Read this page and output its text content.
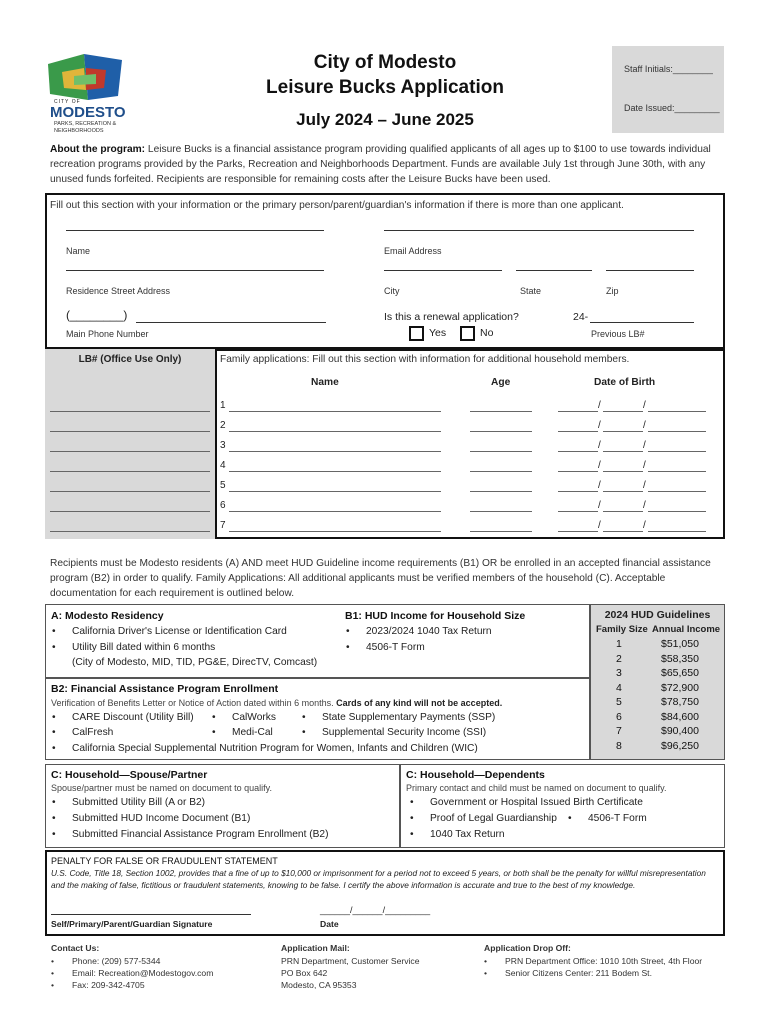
CITY OF
MODESTO
PARKS, RECREATION &
NEIGHBORHOODS
City of Modesto
Leisure Bucks Application
July 2024 – June 2025
Staff Initials:________
Date Issued:_________
About the program: Leisure Bucks is a financial assistance program providing qualified applicants of all ages up to $100 to use towards individual recreation programs provided by the Parks, Recreation and Neighborhoods Department. Funds are available July 1st through June 30th, with any unused funds forfeited. Recipients are responsible for remaining costs after the Leisure Bucks have been used.
Fill out this section with your information or the primary person/parent/guardian's information if there is more than one applicant.
Name	Email Address
Residence Street Address	City	State	Zip
(________)
Main Phone Number
Is this a renewal application?
Yes	No
24-
Previous LB#
LB# (Office Use Only)	Family applications: Fill out this section with information for additional household members.
Name	Age	Date of Birth
1	/	/
2	/	/
3	/	/
4	/	/
5	/	/
6	/	/
7	/	/
Recipients must be Modesto residents (A) AND meet HUD Guideline income requirements (B1) OR be enrolled in an accepted financial assistance program (B2) in order to qualify. Family Applications: All additional applicants must be verified members of the household (C). Acceptable documentation for each requirement is outlined below.
A: Modesto Residency
• California Driver's License or Identification Card
• Utility Bill dated within 6 months
(City of Modesto, MID, TID, PG&E, DirecTV, Comcast)
B1: HUD Income for Household Size
• 2023/2024 1040 Tax Return
• 4506-T Form
2024 HUD Guidelines
Family Size Annual Income
1	$51,050
2	$58,350
3	$65,650
4	$72,900
5	$78,750
6	$84,600
7	$90,400
8	$96,250
B2: Financial Assistance Program Enrollment
Verification of Benefits Letter or Notice of Action dated within 6 months. Cards of any kind will not be accepted.
• CARE Discount (Utility Bill)	• CalWorks	• State Supplementary Payments (SSP)
• CalFresh	• Medi-Cal	• Supplemental Security Income (SSI)
• California Special Supplemental Nutrition Program for Women, Infants and Children (WIC)
C: Household—Spouse/Partner
Spouse/partner must be named on document to qualify.
• Submitted Utility Bill (A or B2)
• Submitted HUD Income Document (B1)
• Submitted Financial Assistance Program Enrollment (B2)
C: Household—Dependents
Primary contact and child must be named on document to qualify.
• Government or Hospital Issued Birth Certificate
• Proof of Legal Guardianship	• 4506-T Form
• 1040 Tax Return
PENALTY FOR FALSE OR FRAUDULENT STATEMENT
U.S. Code, Title 18, Section 1002, provides that a fine of up to $10,000 or imprisonment for a period not to exceed 5 years, or both shall be the penalty for willful misrepresentation and the making of false, fictitious or fraudulent statements, knowing to be false. I certify the above information is accurate and true to the best of my knowledge.
Self/Primary/Parent/Guardian Signature
______/______/_________
Date
Contact Us:
• Phone: (209) 577-5344
• Email: Recreation@Modestogov.com
• Fax: 209-342-4705
Application Mail:
PRN Department, Customer Service
PO Box 642
Modesto, CA 95353
Application Drop Off:
• PRN Department Office: 1010 10th Street, 4th Floor
• Senior Citizens Center: 211 Bodem St.
